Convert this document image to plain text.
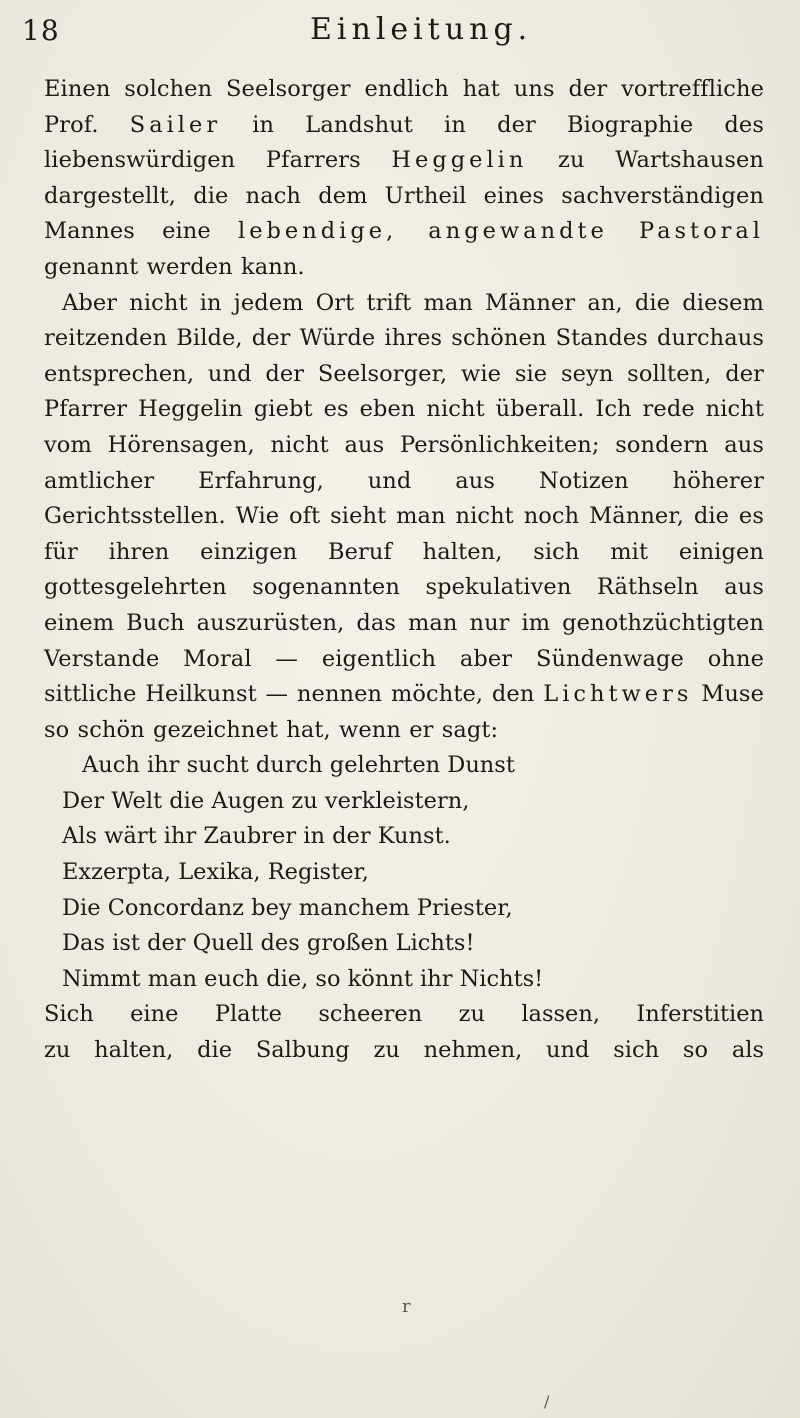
18	Einleitung.

Einen solchen Seelsorger endlich hat uns der vortreffliche Prof. Sailer in Landshut in der Biographie des liebenswürdigen Pfarrers Heggelin zu Wartshausen dargestellt, die nach dem Urtheil eines sachverständigen Mannes eine lebendige, angewandte Pastoral genannt werden kann.

Aber nicht in jedem Ort trift man Männer an, die diesem reitzenden Bilde, der Würde ihres schönen Standes durchaus entsprechen, und der Seelsorger, wie sie seyn sollten, der Pfarrer Heggelin giebt es eben nicht überall. Ich rede nicht vom Hörensagen, nicht aus Persönlichkeiten; sondern aus amtlicher Erfahrung, und aus Notizen höherer Gerichtsstellen. Wie oft sieht man nicht noch Männer, die es für ihren einzigen Beruf halten, sich mit einigen gottesgelehrten sogenannten spekulativen Räthseln aus einem Buch auszurüsten, das man nur im genothzüchtigten Verstande Moral — eigentlich aber Sündenwage ohne sittliche Heilkunst — nennen möchte, den Lichtwers Muse so schön gezeichnet hat, wenn er sagt:

Auch ihr sucht durch gelehrten Dunst
Der Welt die Augen zu verkleistern,
Als wärt ihr Zaubrer in der Kunst.
Exzerpta, Lexika, Register,
Die Concordanz bey manchem Priester,
Das ist der Quell des großen Lichts!
Nimmt man euch die, so könnt ihr Nichts!
Sich eine Platte scheeren zu lassen, Inferstitien
zu halten, die Salbung zu nehmen, und sich so als
r
/
